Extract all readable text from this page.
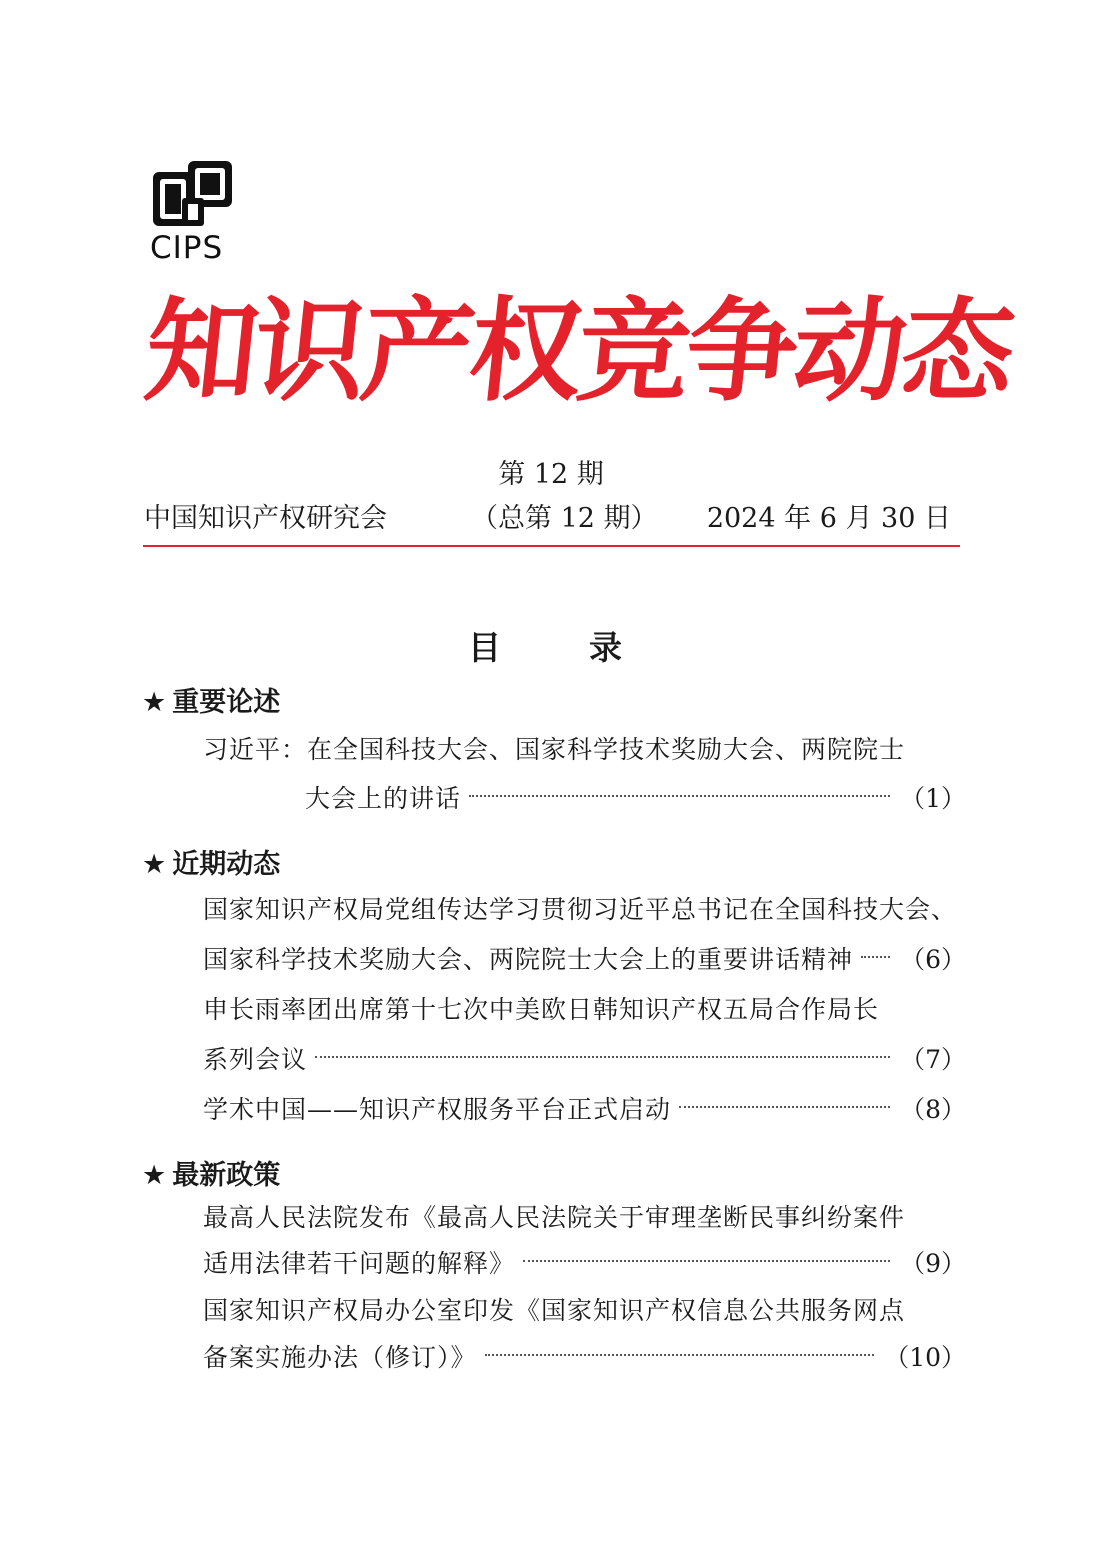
CIPS
知识产权竞争动态
第 12 期
中国知识产权研究会	（总第 12 期） 2024 年 6 月 30 日
目	录
★ 重要论述
习近平：在全国科技大会、国家科学技术奖励大会、两院院士
大会上的讲话	（1）
★ 近期动态
国家知识产权局党组传达学习贯彻习近平总书记在全国科技大会、
国家科学技术奖励大会、两院院士大会上的重要讲话精神 （6）
申长雨率团出席第十七次中美欧日韩知识产权五局合作局长
系列会议	（7）
学术中国——知识产权服务平台正式启动	（8）
★ 最新政策
最高人民法院发布《最高人民法院关于审理垄断民事纠纷案件
适用法律若干问题的解释》	（9）
国家知识产权局办公室印发《国家知识产权信息公共服务网点
备案实施办法（修订）》	（10）
